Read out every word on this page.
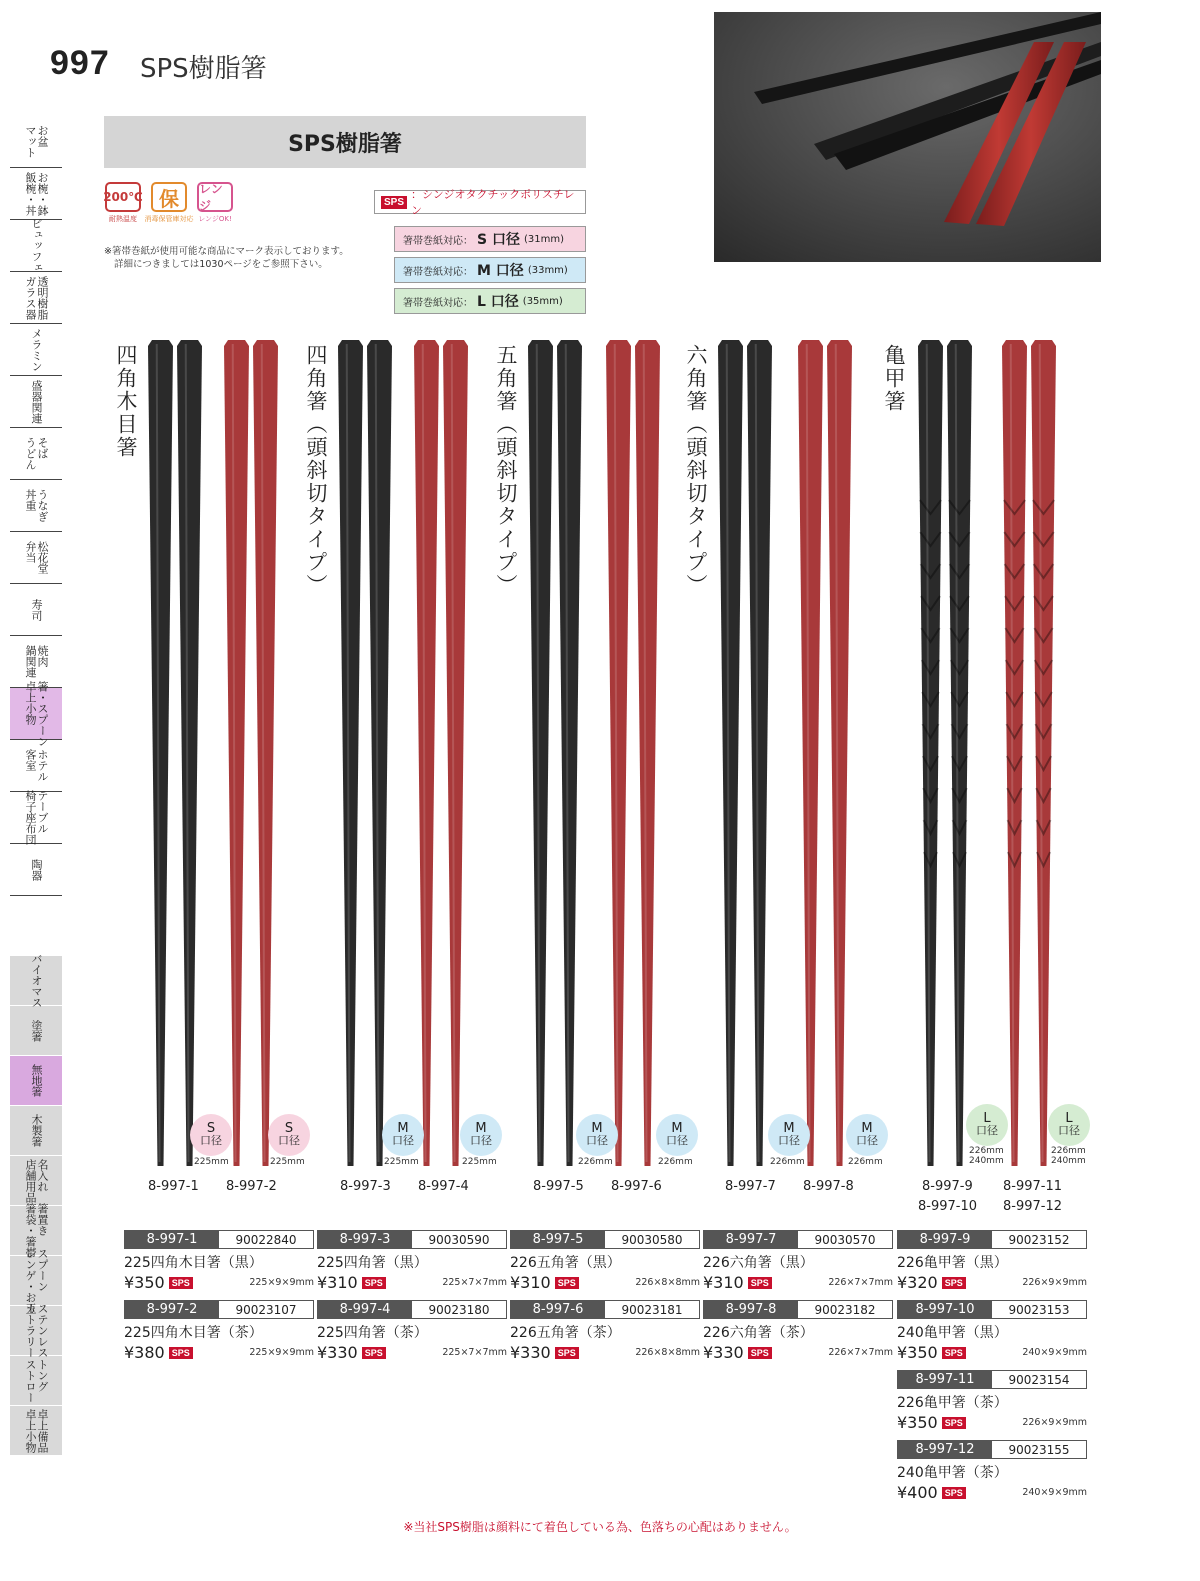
997 SPS樹脂箸
お盆
マット
お椀・鉢
飯椀・丼
ビュッフェ
透明樹脂
ガラス器
メラミン
盛器関連
そば
うどん
うなぎ
丼重
松花堂
弁当
寿司
焼肉
鍋関連
箸・スプーン
卓上小物
ホテル
客室
テーブル
椅子座布団
陶器
バイオマス
塗箸
無地箸
木製箸
名入れ
店舗用品
箸置き
箸袋・箸帯
スプーン
レンゲ・お玉
ステンレス
カトラリー
トング
ストロー
卓上備品
卓上小物
SPS樹脂箸
200℃
耐熱温度
保
消毒保管庫対応
レンジ
レンジOK!
※箸帯巻紙が使用可能な商品にマーク表示しております。
詳細につきましては1030ページをご参照下さい。
SPS
：シンジオタクチックポリスチレン
箸帯巻紙対応： S 口径 (31mm)
箸帯巻紙対応： M 口径 (33mm)
箸帯巻紙対応： L 口径 (35mm)
四角木目箸	四角箸（頭斜切タイプ）	五角箸（頭斜切タイプ）	六角箸（頭斜切タイプ）	亀甲箸
S
口径
225mm
S
口径
225mm
M
口径
225mm
M
口径
225mm
M
口径
226mm
M
口径
226mm
M
口径
226mm
M
口径
226mm
L
口径
226mm
240mm
L
口径
226mm
240mm
8-997-1 8-997-2	8-997-3 8-997-4	8-997-5 8-997-6	8-997-7 8-997-8	8-997-9
8-997-10
8-997-11
8-997-12
8-997-1	90022840
225四角木目箸（黒）
¥350 SPS	225×9×9mm
8-997-2	90023107
225四角木目箸（茶）
¥380 SPS	225×9×9mm
8-997-3	90030590
225四角箸（黒）
¥310 SPS	225×7×7mm
8-997-4	90023180
225四角箸（茶）
¥330 SPS	225×7×7mm
8-997-5	90030580
226五角箸（黒）
¥310 SPS	226×8×8mm
8-997-6	90023181
226五角箸（茶）
¥330 SPS	226×8×8mm
8-997-7	90030570
226六角箸（黒）
¥310 SPS	226×7×7mm
8-997-8	90023182
226六角箸（茶）
¥330 SPS	226×7×7mm
8-997-9	90023152
226亀甲箸（黒）
¥320 SPS	226×9×9mm
8-997-10	90023153
240亀甲箸（黒）
¥350 SPS	240×9×9mm
8-997-11	90023154
226亀甲箸（茶）
¥350 SPS	226×9×9mm
8-997-12	90023155
240亀甲箸（茶）
¥400 SPS	240×9×9mm
※当社SPS樹脂は顔料にて着色している為、色落ちの心配はありません。
